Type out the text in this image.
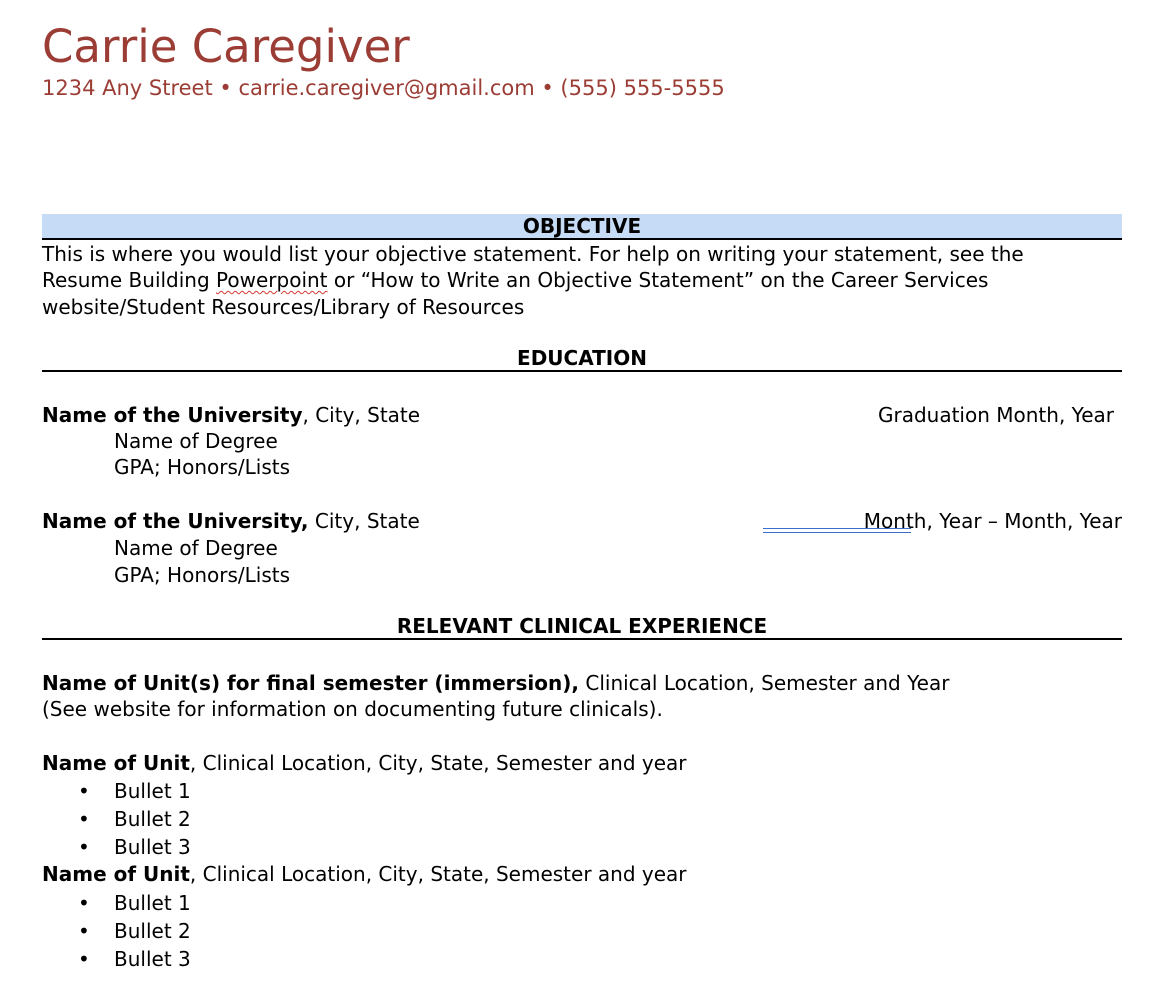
Carrie Caregiver
1234 Any Street • carrie.caregiver@gmail.com • (555) 555-5555
OBJECTIVE
This is where you would list your objective statement. For help on writing your statement, see the
Resume Building Powerpoint or “How to Write an Objective Statement” on the Career Services
website/Student Resources/Library of Resources
EDUCATION
Name of the University, City, State	Graduation Month, Year
Name of Degree
GPA; Honors/Lists
Name of the University, City, State	Month, Year – Month, Year
Name of Degree
GPA; Honors/Lists
RELEVANT CLINICAL EXPERIENCE
Name of Unit(s) for final semester (immersion), Clinical Location, Semester and Year
(See website for information on documenting future clinicals).
Name of Unit, Clinical Location, City, State, Semester and year
• Bullet 1
• Bullet 2
• Bullet 3
Name of Unit, Clinical Location, City, State, Semester and year
• Bullet 1
• Bullet 2
• Bullet 3
